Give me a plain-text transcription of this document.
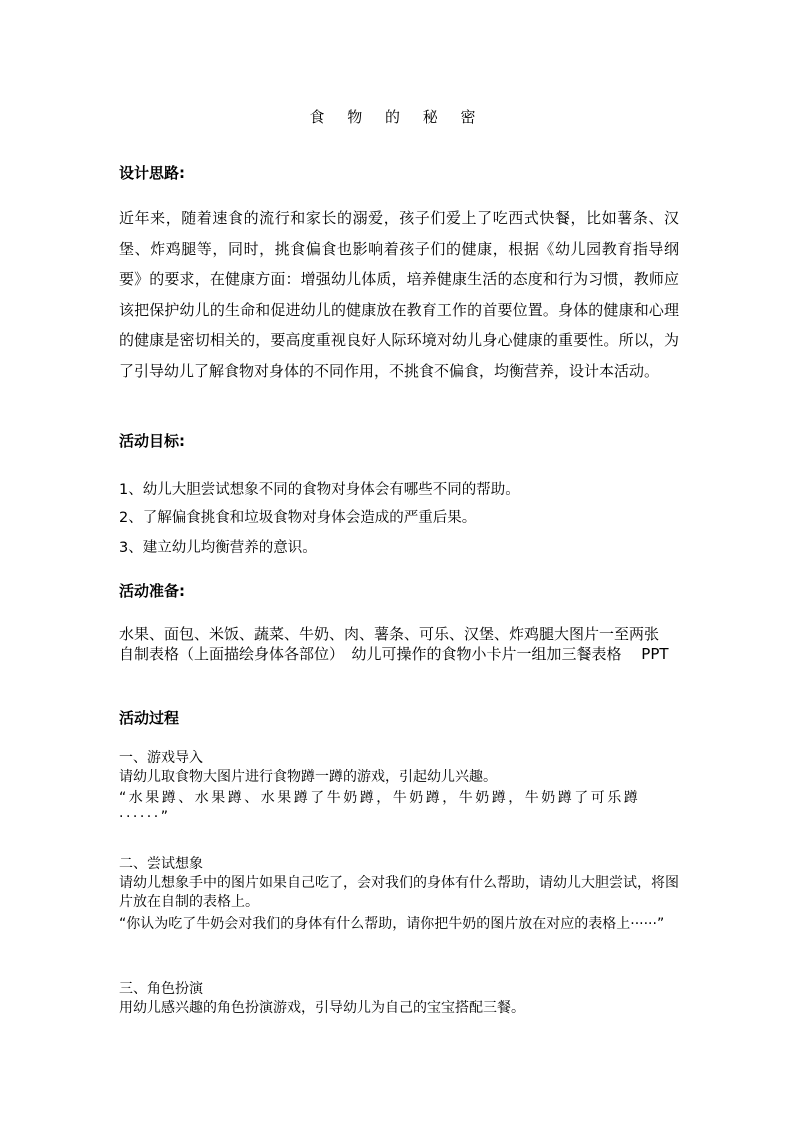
食 物 的 秘 密

设计思路:

近年来，随着速食的流行和家长的溺爱，孩子们爱上了吃西式快餐，比如薯条、汉堡、炸鸡腿等，同时，挑食偏食也影响着孩子们的健康，根据《幼儿园教育指导纲要》的要求，在健康方面：增强幼儿体质，培养健康生活的态度和行为习惯，教师应该把保护幼儿的生命和促进幼儿的健康放在教育工作的首要位置。身体的健康和心理的健康是密切相关的，要高度重视良好人际环境对幼儿身心健康的重要性。所以，为了引导幼儿了解食物对身体的不同作用，不挑食不偏食，均衡营养，设计本活动。

活动目标:

1、幼儿大胆尝试想象不同的食物对身体会有哪些不同的帮助。

2、了解偏食挑食和垃圾食物对身体会造成的严重后果。

3、建立幼儿均衡营养的意识。

活动准备:

水果、面包、米饭、蔬菜、牛奶、肉、薯条、可乐、汉堡、炸鸡腿大图片一至两张　　自制表格（上面描绘身体各部位）　幼儿可操作的食物小卡片一组加三餐表格　 PPT

活动过程

一、游戏导入

请幼儿取食物大图片进行食物蹲一蹲的游戏，引起幼儿兴趣。

“水果蹲、水果蹲、水果蹲了牛奶蹲，牛奶蹲，牛奶蹲，牛奶蹲了可乐蹲······”

二、尝试想象

请幼儿想象手中的图片如果自己吃了，会对我们的身体有什么帮助，请幼儿大胆尝试，将图片放在自制的表格上。

“你认为吃了牛奶会对我们的身体有什么帮助，请你把牛奶的图片放在对应的表格上······”

三、角色扮演

用幼儿感兴趣的角色扮演游戏，引导幼儿为自己的宝宝搭配三餐。
